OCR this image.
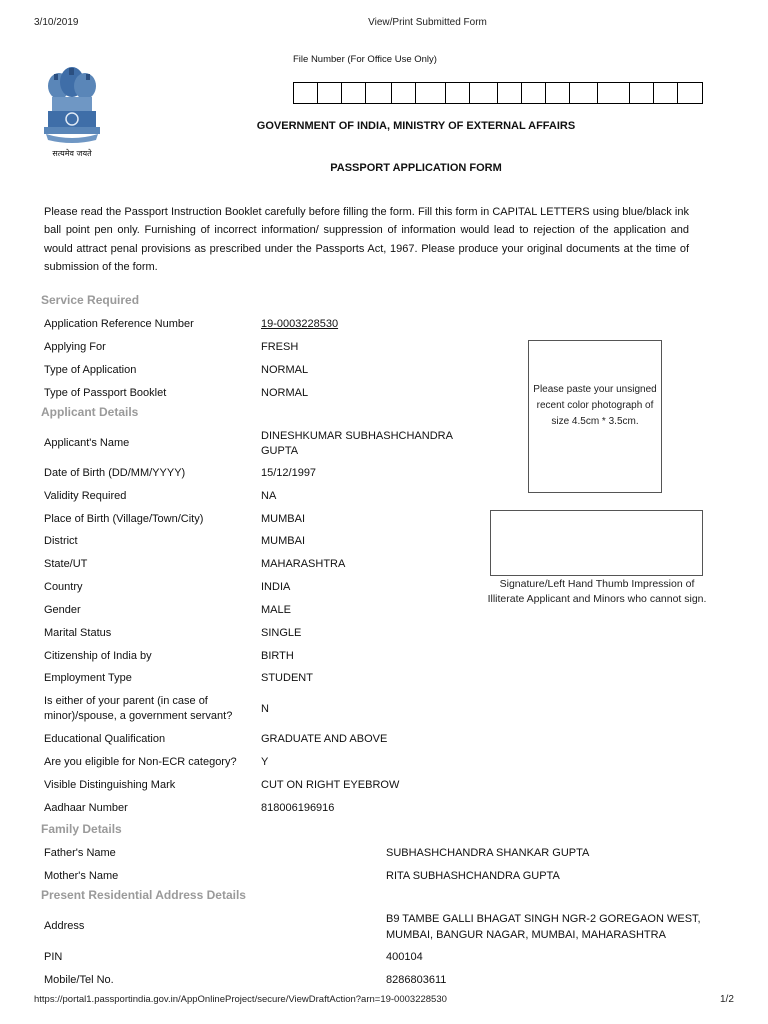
3/10/2019	View/Print Submitted Form
सत्यमेव जयते
File Number (For Office Use Only)
GOVERNMENT OF INDIA, MINISTRY OF EXTERNAL AFFAIRS
PASSPORT APPLICATION FORM
Please read the Passport Instruction Booklet carefully before filling the form. Fill this form in CAPITAL LETTERS using blue/black ink ball point pen only. Furnishing of incorrect information/ suppression of information would lead to rejection of the application and would attract penal provisions as prescribed under the Passports Act, 1967. Please produce your original documents at the time of submission of the form.
Service Required
Application Reference Number	19-0003228530
Applying For	FRESH
Type of Application	NORMAL
Type of Passport Booklet	NORMAL
Applicant Details
Applicant's Name
DINESHKUMAR SUBHASHCHANDRA GUPTA
Date of Birth (DD/MM/YYYY)	15/12/1997
Validity Required	NA
Place of Birth (Village/Town/City)	MUMBAI
District	MUMBAI
State/UT	MAHARASHTRA
Country	INDIA
Gender	MALE
Marital Status	SINGLE
Citizenship of India by	BIRTH
Employment Type	STUDENT
Is either of your parent (in case of minor)/spouse, a government servant?
N
Educational Qualification	GRADUATE AND ABOVE
Are you eligible for Non-ECR category? Y
Visible Distinguishing Mark	CUT ON RIGHT EYEBROW
Aadhaar Number	818006196916
Family Details
Father's Name	SUBHASHCHANDRA SHANKAR GUPTA
Mother's Name	RITA SUBHASHCHANDRA GUPTA
Present Residential Address Details
Address
B9 TAMBE GALLI BHAGAT SINGH NGR-2 GOREGAON WEST, MUMBAI, BANGUR NAGAR, MUMBAI, MAHARASHTRA
PIN	400104
Mobile/Tel No.	8286803611
Please paste your unsigned recent color photograph of size 4.5cm * 3.5cm.
Signature/Left Hand Thumb Impression of Illiterate Applicant and Minors who cannot sign.
https://portal1.passportindia.gov.in/AppOnlineProject/secure/ViewDraftAction?arn=19-0003228530	1/2
